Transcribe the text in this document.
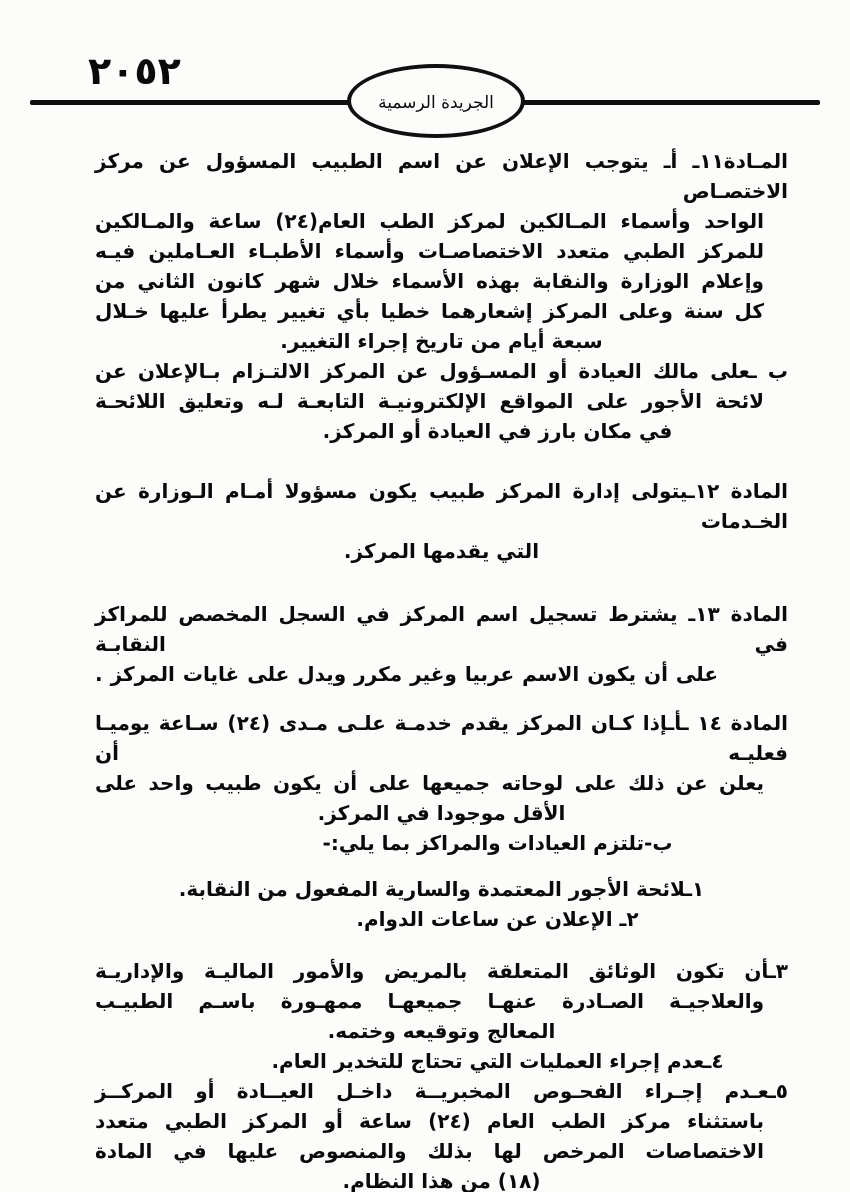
٢٠٥٢
الجريدة الرسمية
المـادة١١ـ أـ يتوجب الإعلان عن اسم الطبيب المسؤول عن مركز الاختصـاص
الواحد وأسماء المـالكين لمركز الطب العام(٢٤) ساعة والمـالكين
للمركز الطبي متعدد الاختصاصـات وأسماء الأطبـاء العـاملين فيـه
وإعلام الوزارة والنقابة بهذه الأسماء خلال شهر كانون الثاني من
كل سنة وعلى المركز إشعارهما خطيا بأي تغيير يطرأ عليها خـلال
سبعة أيام من تاريخ إجراء التغيير.
ب ـعلى مالك العيادة أو المسـؤول عن المركز الالتـزام بـالإعلان عن
لائحة الأجور على المواقع الإلكترونيـة التابعـة لـه وتعليق اللائحـة
في مكان بارز في العيادة أو المركز.
المادة ١٢ـيتولى إدارة المركز طبيب يكون مسؤولا أمـام الـوزارة عن الخـدمات
التي يقدمها المركز.
المادة ١٣ـ يشترط تسجيل اسم المركز في السجل المخصص للمراكز في النقابـة
على أن يكون الاسم عربيا وغير مكرر ويدل على غايات المركز .
المادة ١٤ ـأـإذا كـان المركز يقدم خدمـة علـى مـدى (٢٤) سـاعة يوميـا فعليـه أن
يعلن عن ذلك على لوحاته جميعها على أن يكون طبيب واحد على
الأقل موجودا في المركز.
ب-تلتزم العيادات والمراكز بما يلي:-
١ـلائحة الأجور المعتمدة والسارية المفعول من النقابة.
٢ـ الإعلان عن ساعات الدوام.
٣ـأن تكون الوثائق المتعلقة بالمريض والأمور الماليـة والإداريـة
والعلاجيـة الصـادرة عنهـا جميعهـا ممهـورة باسـم الطبيـب
المعالج وتوقيعه وختمه.
٤ـعدم إجراء العمليات التي تحتاج للتخدير العام.
٥ـعـدم إجـراء الفحـوص المخبريــة داخـل العيــادة أو المركــز
باستثناء مركز الطب العام (٢٤) ساعة أو المركز الطبي متعدد
الاختصاصات المرخص لها بذلك والمنصوص عليها في المادة
(١٨) من هذا النظام.
